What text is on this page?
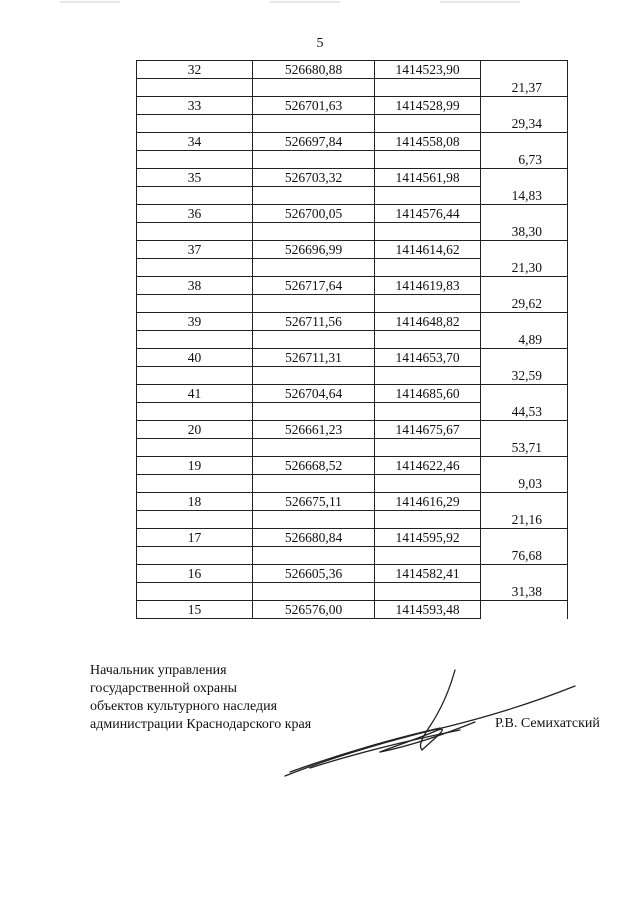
5
32	526680,88	1414523,90	
			21,37
33	526701,63	1414528,99	
			29,34
34	526697,84	1414558,08	
			6,73
35	526703,32	1414561,98	
			14,83
36	526700,05	1414576,44	
			38,30
37	526696,99	1414614,62	
			21,30
38	526717,64	1414619,83	
			29,62
39	526711,56	1414648,82	
			4,89
40	526711,31	1414653,70	
			32,59
41	526704,64	1414685,60	
			44,53
20	526661,23	1414675,67	
			53,71
19	526668,52	1414622,46	
			9,03
18	526675,11	1414616,29	
			21,16
17	526680,84	1414595,92	
			76,68
16	526605,36	1414582,41	
			31,38
15	526576,00	1414593,48	
Начальник управления
государственной охраны
объектов культурного наследия
администрации Краснодарского края	Р.В. Семихатский
